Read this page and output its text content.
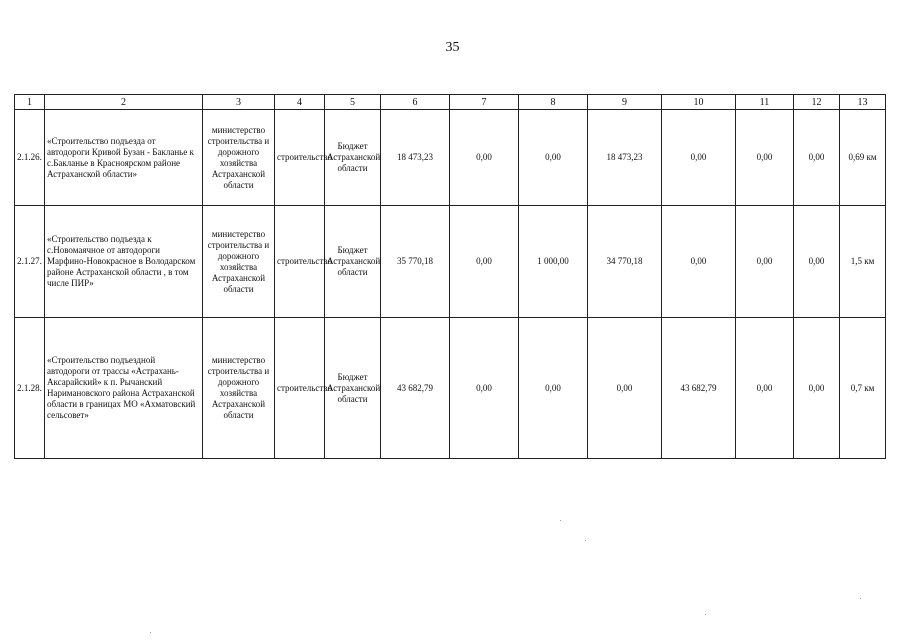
35
1	2	3	4	5	6	7	8	9	10	11	12	13
2.1.26.	«Строительство подъезда от автодороги Кривой Бузан - Бакланье к с.Бакланье в Красноярском районе Астраханской области»	министерство строительства и дорожного хозяйства Астраханской области	строительство	Бюджет Астраханской области	18 473,23	0,00	0,00	18 473,23	0,00	0,00	0,00	0,69 км
2.1.27.	«Строительство подъезда к с.Новомаячное от автодороги Марфино-Новокрасное в Володарском районе Астраханской области , в том числе ПИР»	министерство строительства и дорожного хозяйства Астраханской области	строительство	Бюджет Астраханской области	35 770,18	0,00	1 000,00	34 770,18	0,00	0,00	0,00	1,5 км
2.1.28.	«Строительство подъездной автодороги от трассы «Астрахань-Аксарайский» к п. Рычанский Наримановского района Астраханской области в границах МО «Ахматовский сельсовет»	министерство строительства и дорожного хозяйства Астраханской области	строительство	Бюджет Астраханской области	43 682,79	0,00	0,00	0,00	43 682,79	0,00	0,00	0,7 км
